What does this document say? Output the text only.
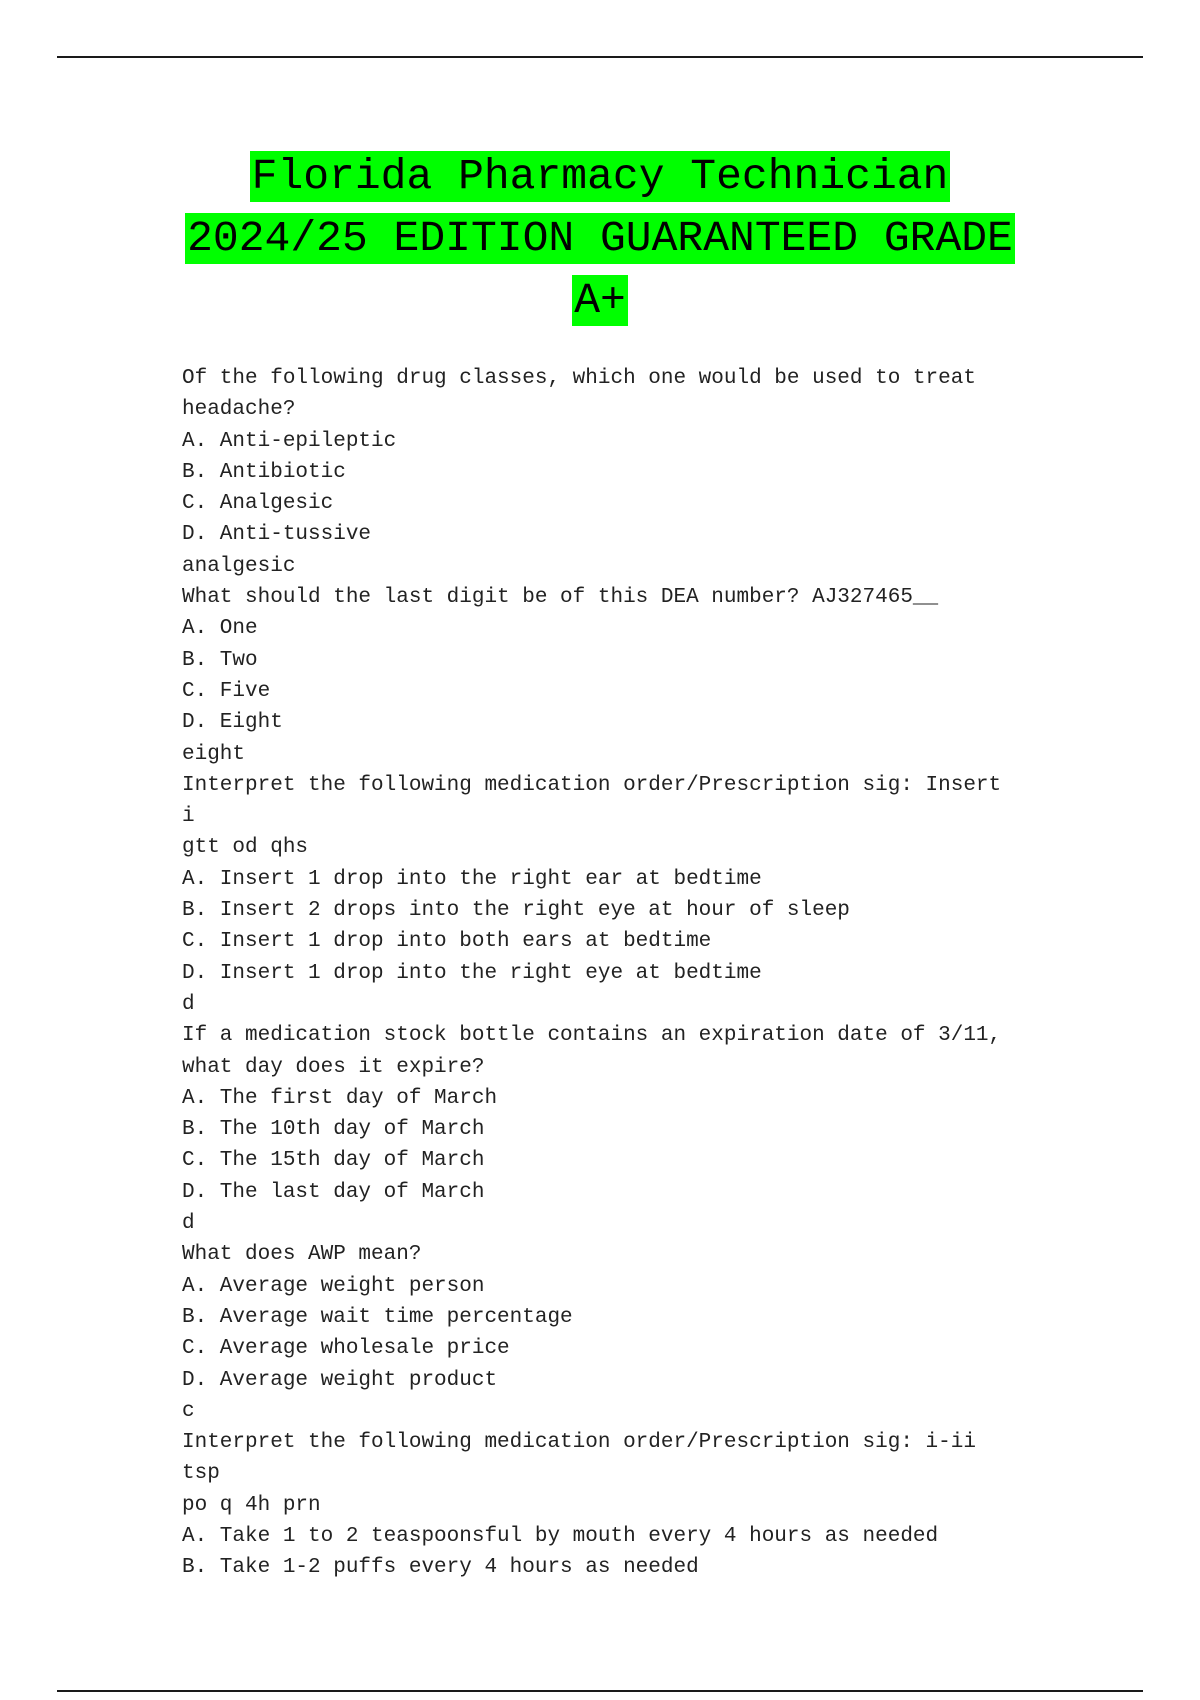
Florida Pharmacy Technician
2024/25 EDITION GUARANTEED GRADE
A+
Of the following drug classes, which one would be used to treat
headache?
A. Anti-epileptic
B. Antibiotic
C. Analgesic
D. Anti-tussive
analgesic
What should the last digit be of this DEA number? AJ327465__
A. One
B. Two
C. Five
D. Eight
eight
Interpret the following medication order/Prescription sig: Insert i
gtt od qhs
A. Insert 1 drop into the right ear at bedtime
B. Insert 2 drops into the right eye at hour of sleep
C. Insert 1 drop into both ears at bedtime
D. Insert 1 drop into the right eye at bedtime
d
If a medication stock bottle contains an expiration date of 3/11,
what day does it expire?
A. The first day of March
B. The 10th day of March
C. The 15th day of March
D. The last day of March
d
What does AWP mean?
A. Average weight person
B. Average wait time percentage
C. Average wholesale price
D. Average weight product
c
Interpret the following medication order/Prescription sig: i-ii tsp
po q 4h prn
A. Take 1 to 2 teaspoonsful by mouth every 4 hours as needed
B. Take 1-2 puffs every 4 hours as needed
